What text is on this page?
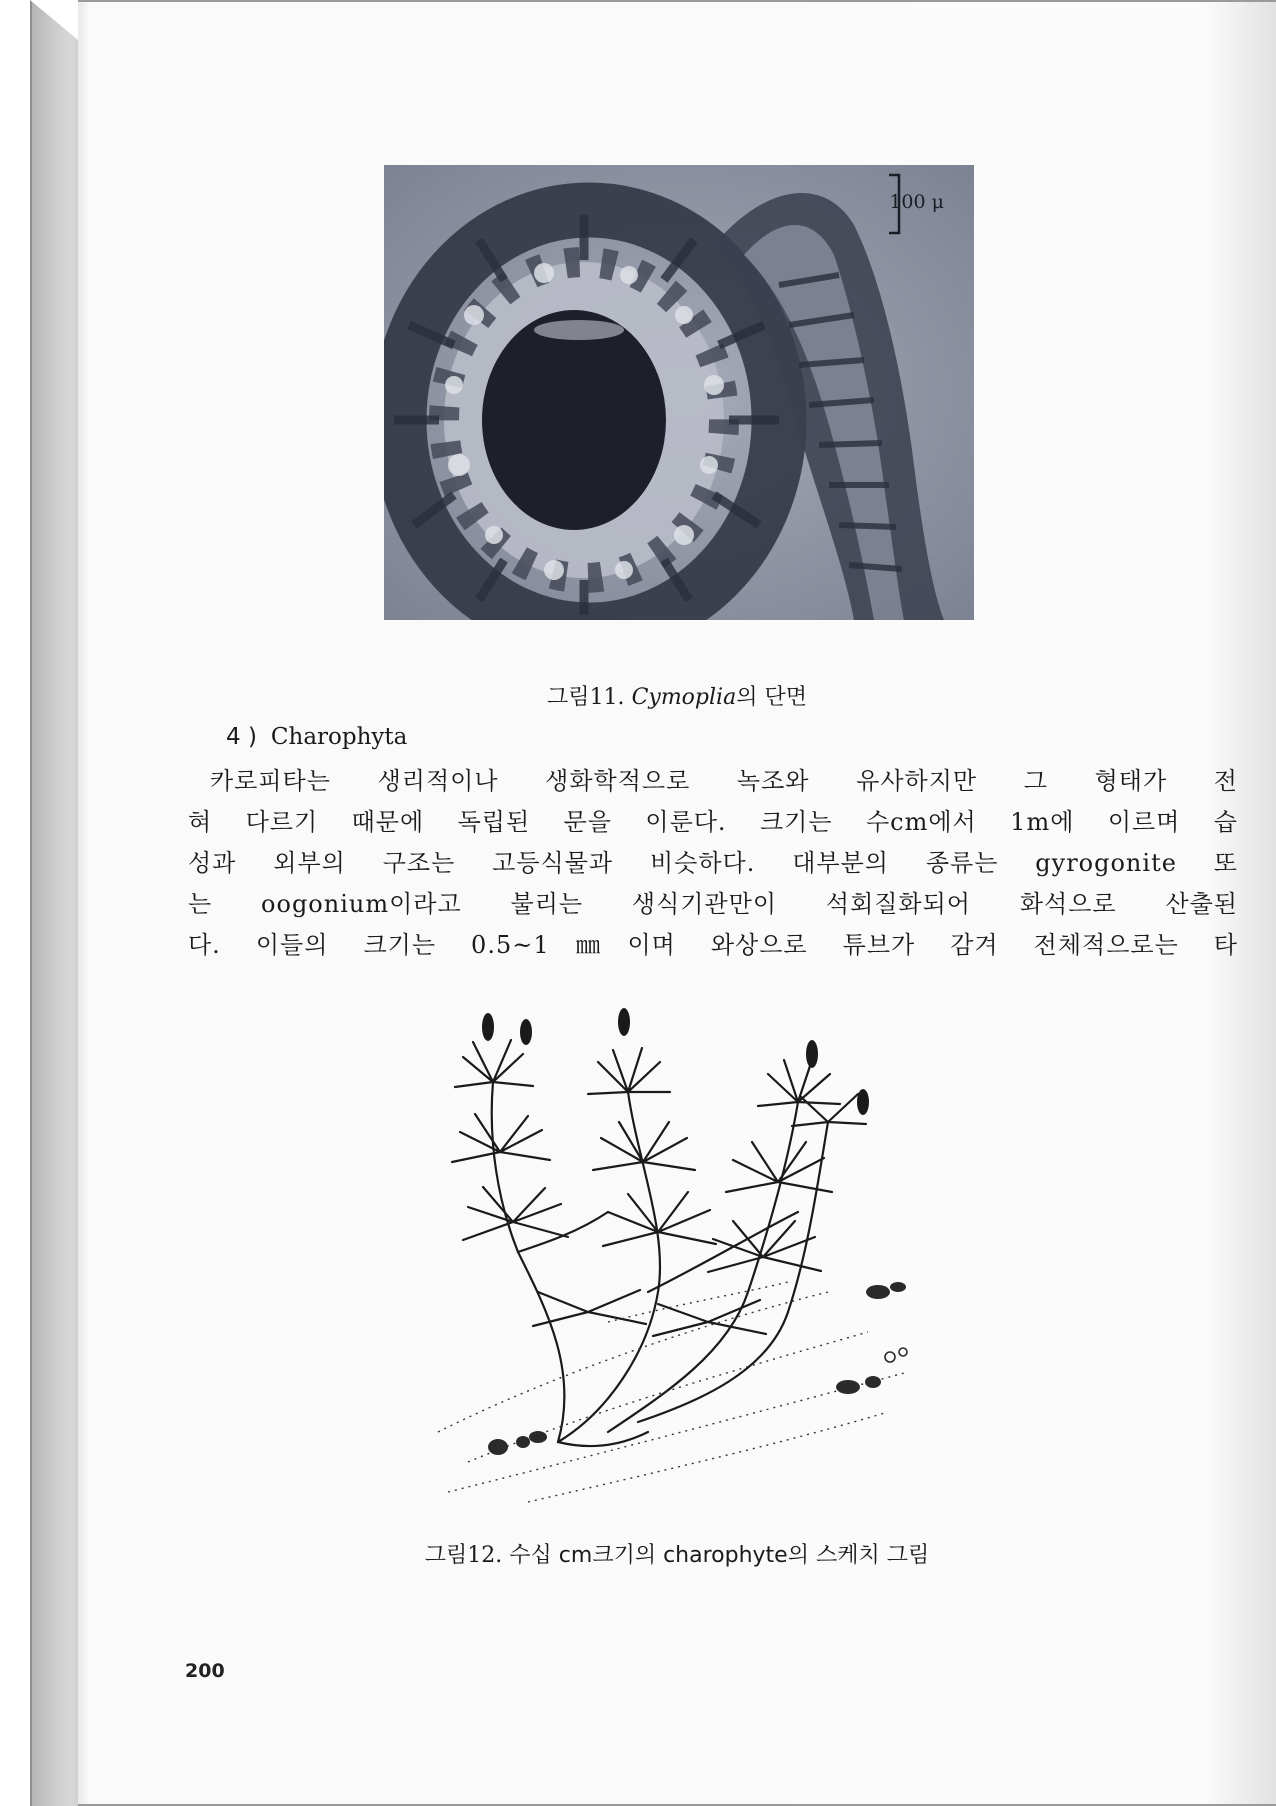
100 μ
그림11. Cymoplia의 단면
4 ) Charophyta
카로피타는 생리적이나 생화학적으로 녹조와 유사하지만 그 형태가 전
혀 다르기 때문에 독립된 문을 이룬다. 크기는 수cm에서 1m에 이르며 습
성과 외부의 구조는 고등식물과 비슷하다. 대부분의 종류는 gyrogonite 또
는 oogonium이라고 불리는 생식기관만이 석회질화되어 화석으로 산출된
다. 이들의 크기는 0.5~1㎜이며 와상으로 튜브가 감겨 전체적으로는 타
그림12. 수십 cm크기의 charophyte의 스케치 그림
200
